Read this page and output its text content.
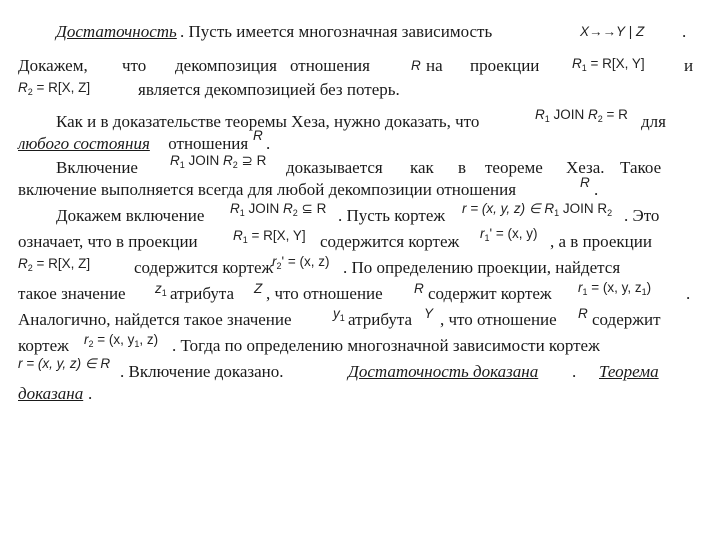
Достаточность . Пусть имеется многозначная зависимость	X→→Y | Z .
Докажем, что декомпозиция отношения	R на проекции $R_1 = R[X$, Y] и
$R_2 = R[X$, Z]	является декомпозицией без потерь.
Как и в доказательстве теоремы Хеза, нужно доказать, что	$R_1$ JOIN $R_2 = R$ для
любого состояния отношения R .
Включение $R_1$ JOIN $R_2$ ⊇ R доказывается как в теореме Хеза. Такое
включение выполняется всегда для любой декомпозиции отношения	R .
Докажем включение $R_1$ JOIN $R_2$ ⊆ R . Пусть кортеж r = (x, y, z) ∈ $R_1$ JOIN $R_2$ . Это
означает, что в проекции	$R_1 = R[X$, Y] содержится кортеж $r_1' = (x$, y) , а в проекции
$R_2 = R[X$, Z]	содержится кортеж
$r_2' = (x$, z) . По определению проекции, найдется
такое значение $z_1$ атрибута Z , что отношение R содержит кортеж $r_1 = (x$, y, $z_1$) .
Аналогично, найдется такое значение	$y_1$ атрибута Y , что отношение R содержит
кортеж $r_2 = (x$, $y_1$, z) . Тогда по определению многозначной зависимости кортеж
r = (x, y, z) ∈ R . Включение доказано.	Достаточность доказана . Теорема
доказана .
